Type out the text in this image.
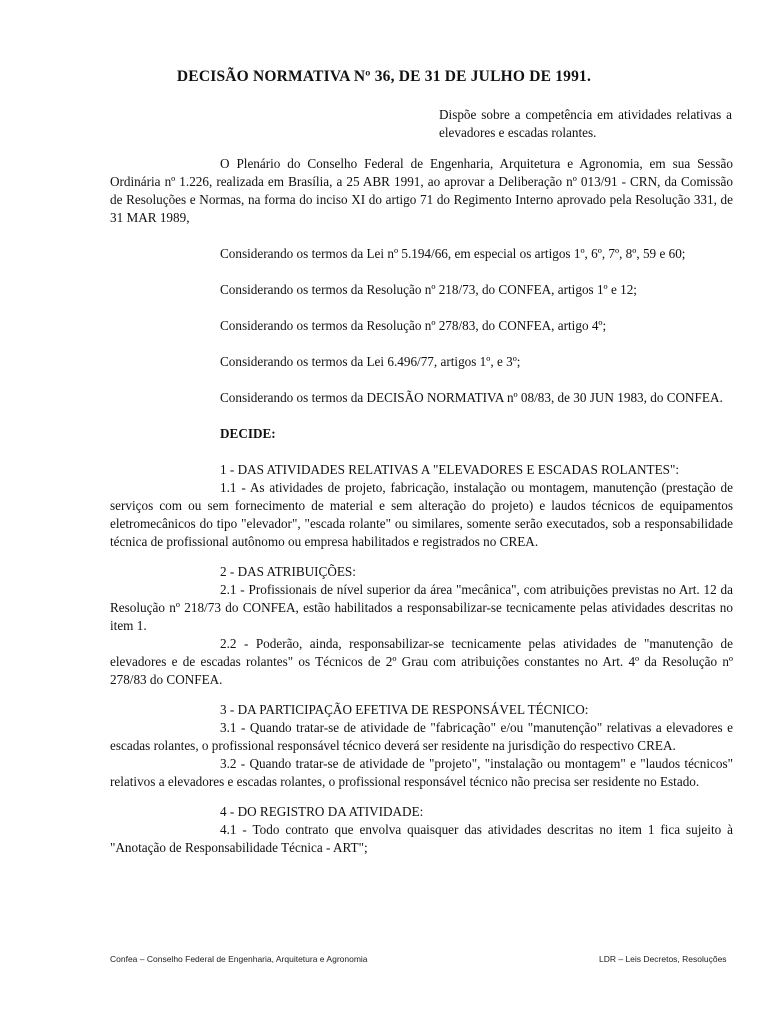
DECISÃO NORMATIVA Nº 36, DE 31 DE JULHO DE 1991.
Dispõe sobre a competência em atividades relativas a elevadores e escadas rolantes.

O Plenário do Conselho Federal de Engenharia, Arquitetura e Agronomia, em sua Sessão Ordinária nº 1.226, realizada em Brasília, a 25 ABR 1991, ao aprovar a Deliberação nº 013/91 - CRN, da Comissão de Resoluções e Normas, na forma do inciso XI do artigo 71 do Regimento Interno aprovado pela Resolução 331, de 31 MAR 1989,

Considerando os termos da Lei nº 5.194/66, em especial os artigos 1º, 6º, 7º, 8º, 59 e 60;

Considerando os termos da Resolução nº 218/73, do CONFEA, artigos 1º e 12;

Considerando os termos da Resolução nº 278/83, do CONFEA, artigo 4º;

Considerando os termos da Lei 6.496/77, artigos 1º, e 3º;

Considerando os termos da DECISÃO NORMATIVA nº 08/83, de 30 JUN 1983, do CONFEA.

DECIDE:

1 - DAS ATIVIDADES RELATIVAS A "ELEVADORES E ESCADAS ROLANTES":

1.1 - As atividades de projeto, fabricação, instalação ou montagem, manutenção (prestação de serviços com ou sem fornecimento de material e sem alteração do projeto) e laudos técnicos de equipamentos eletromecânicos do tipo "elevador", "escada rolante" ou similares, somente serão executados, sob a responsabilidade técnica de profissional autônomo ou empresa habilitados e registrados no CREA.

2 - DAS ATRIBUIÇÕES:

2.1 - Profissionais de nível superior da área "mecânica", com atribuições previstas no Art. 12 da Resolução nº 218/73 do CONFEA, estão habilitados a responsabilizar-se tecnicamente pelas atividades descritas no item 1.

2.2 - Poderão, ainda, responsabilizar-se tecnicamente pelas atividades de "manutenção de elevadores e de escadas rolantes" os Técnicos de 2º Grau com atribuições constantes no Art. 4º da Resolução nº 278/83 do CONFEA.

3 - DA PARTICIPAÇÃO EFETIVA DE RESPONSÁVEL TÉCNICO:

3.1 - Quando tratar-se de atividade de "fabricação" e/ou "manutenção" relativas a elevadores e escadas rolantes, o profissional responsável técnico deverá ser residente na jurisdição do respectivo CREA.

3.2 - Quando tratar-se de atividade de "projeto", "instalação ou montagem" e "laudos técnicos" relativos a elevadores e escadas rolantes, o profissional responsável técnico não precisa ser residente no Estado.

4 - DO REGISTRO DA ATIVIDADE:

4.1 - Todo contrato que envolva quaisquer das atividades descritas no item 1 fica sujeito à "Anotação de Responsabilidade Técnica - ART";

Confea – Conselho Federal de Engenharia, Arquitetura e Agronomia	LDR – Leis Decretos, Resoluções
